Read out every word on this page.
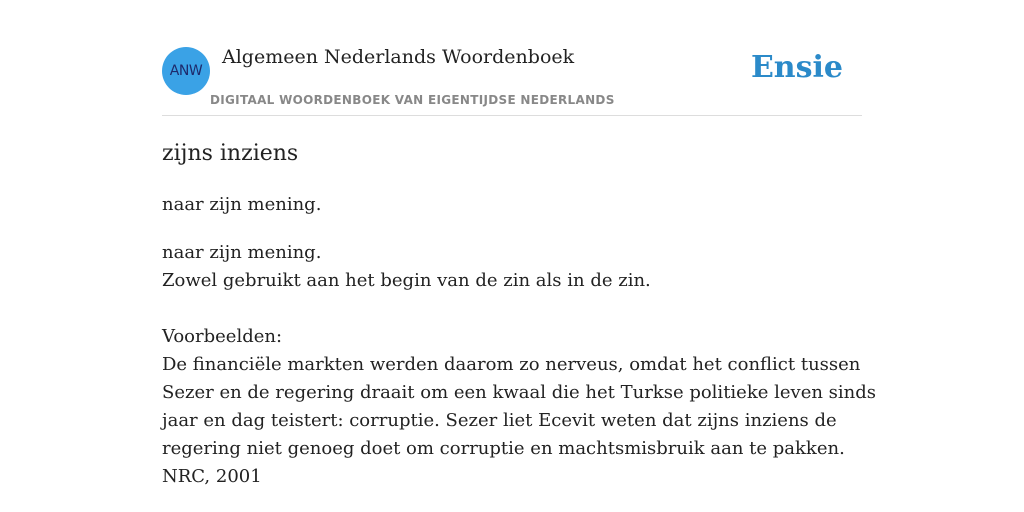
ANW
Algemeen Nederlands Woordenboek
DIGITAAL WOORDENBOEK VAN EIGENTIJDSE NEDERLANDS
Ensie
zijns inziens
naar zijn mening.
naar zijn mening.
Zowel gebruikt aan het begin van de zin als in de zin.
Voorbeelden:
De financiële markten werden daarom zo nerveus, omdat het conflict tussen
Sezer en de regering draait om een kwaal die het Turkse politieke leven sinds
jaar en dag teistert: corruptie. Sezer liet Ecevit weten dat zijns inziens de
regering niet genoeg doet om corruptie en machtsmisbruik aan te pakken.
NRC, 2001
